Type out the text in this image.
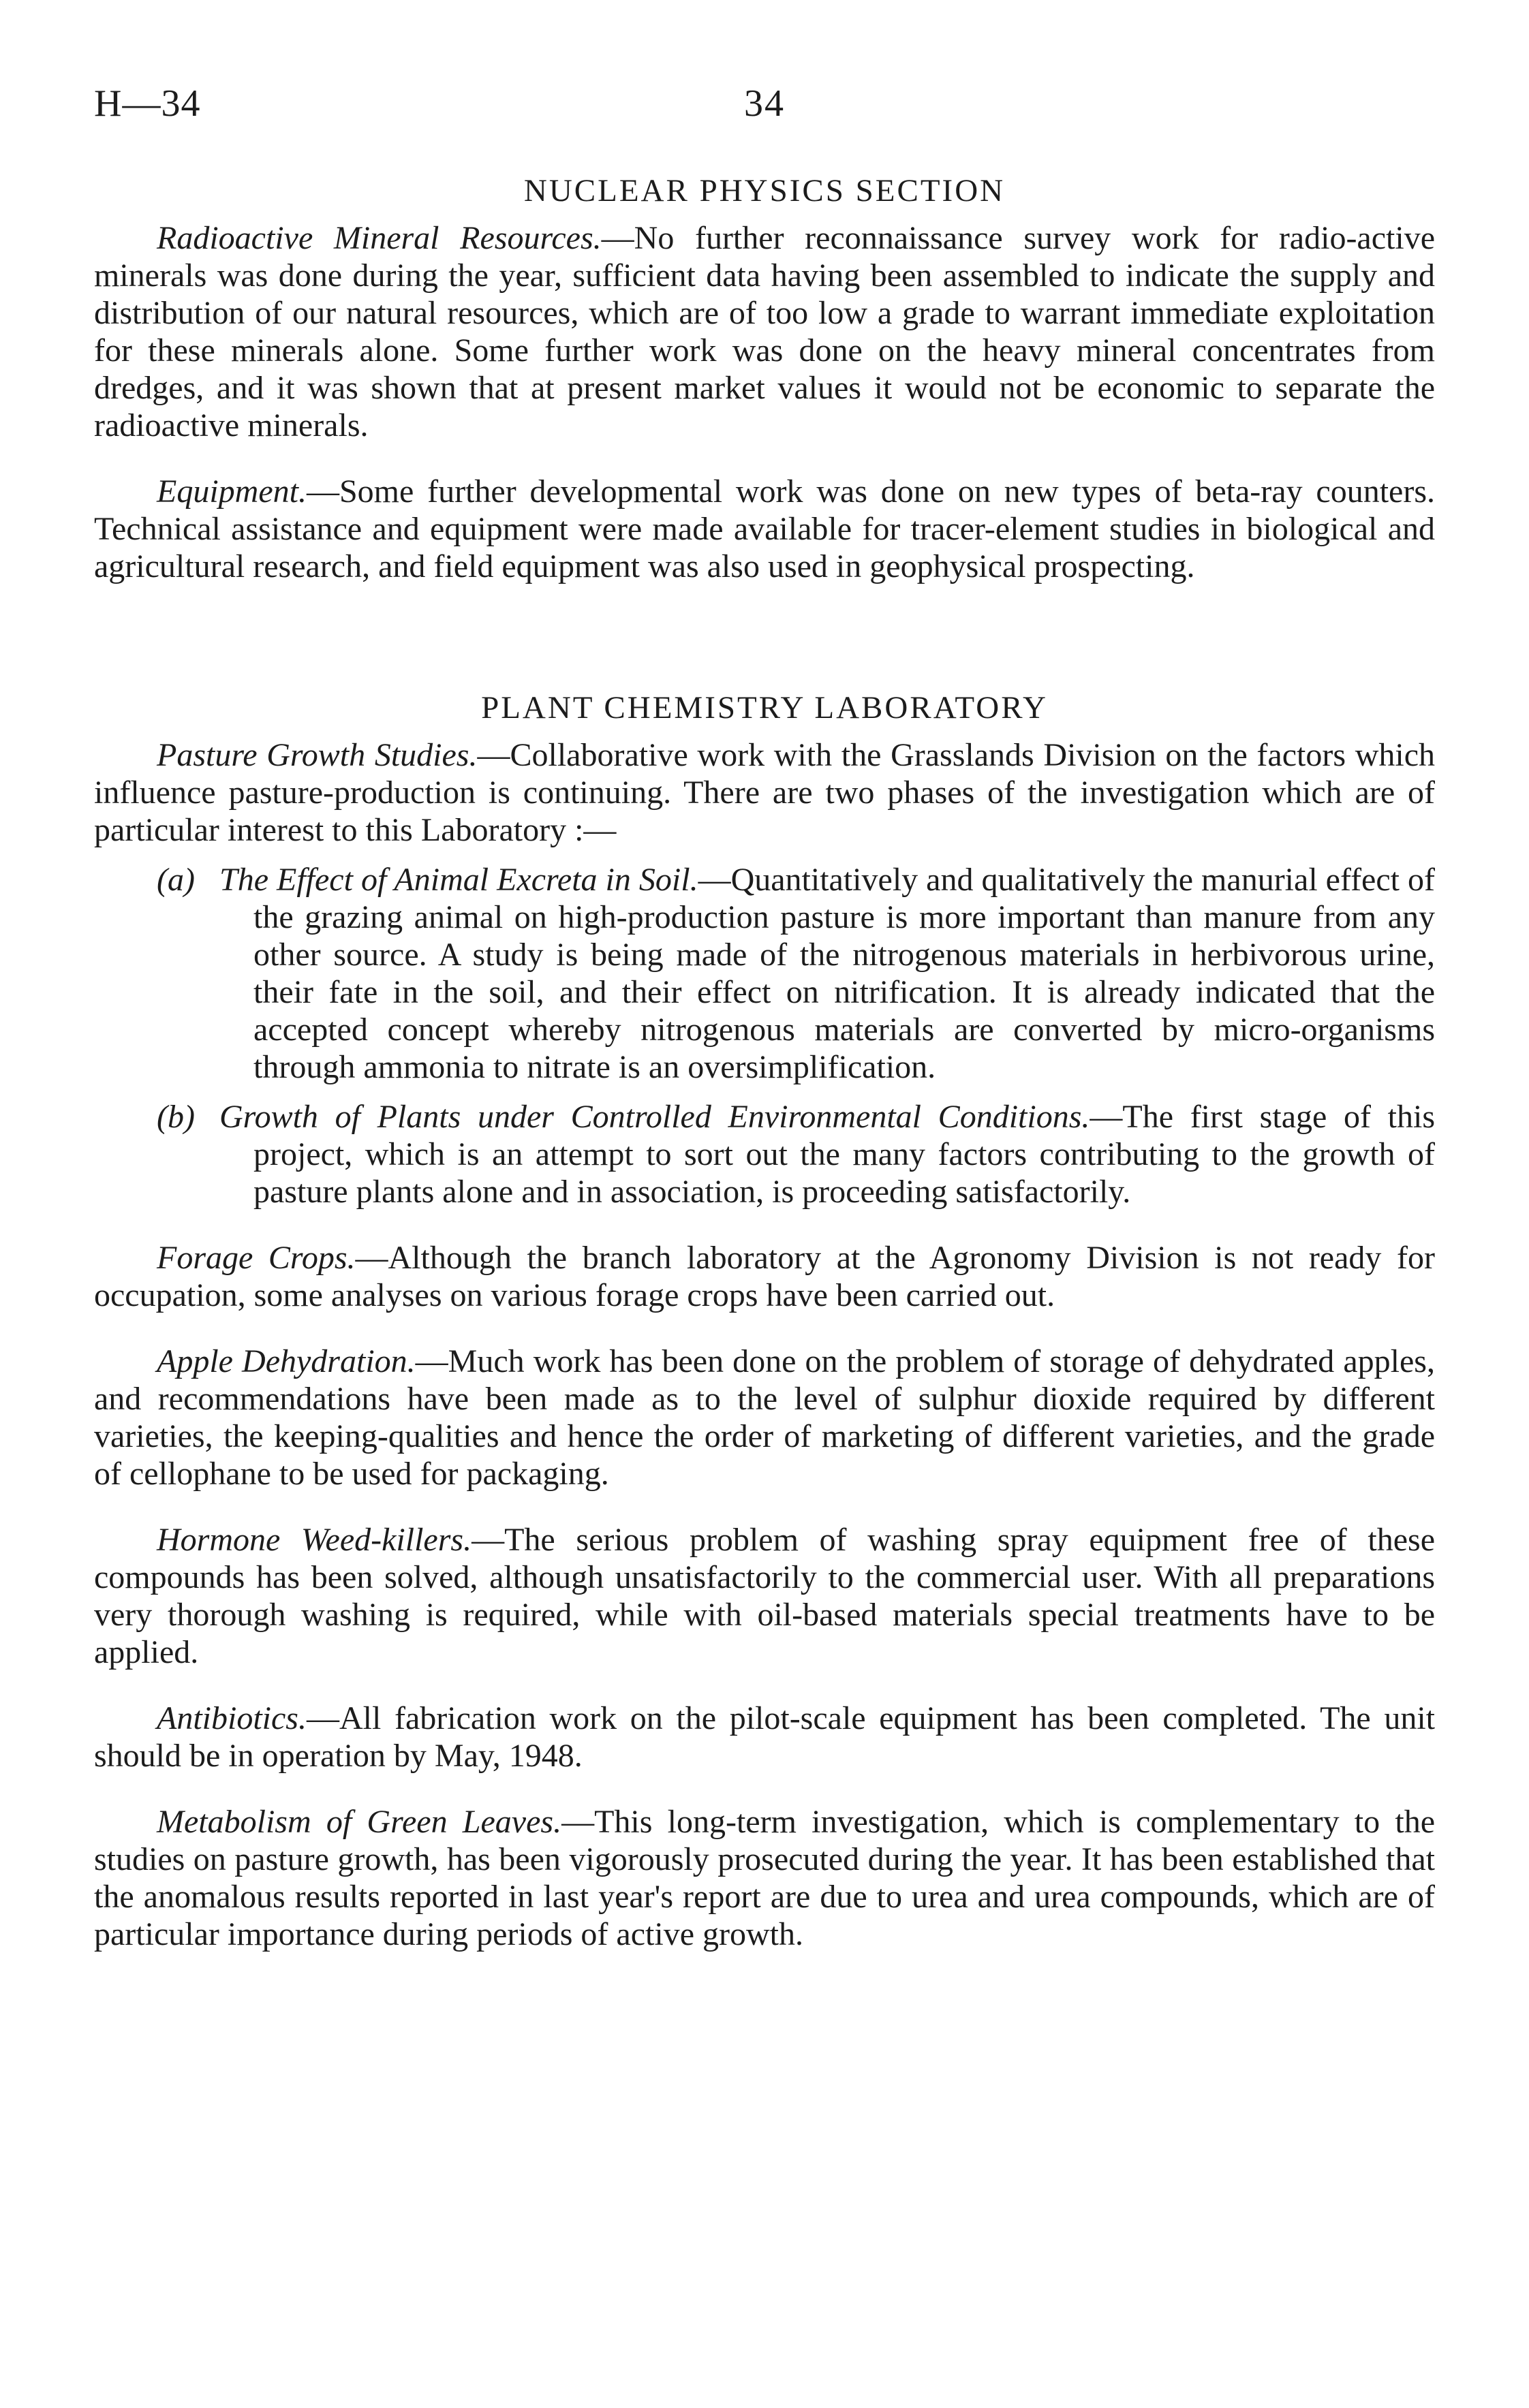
H—34	34
NUCLEAR PHYSICS SECTION

Radioactive Mineral Resources.—No further reconnaissance survey work for radio-active minerals was done during the year, sufficient data having been assembled to indicate the supply and distribution of our natural resources, which are of too low a grade to warrant immediate exploitation for these minerals alone. Some further work was done on the heavy mineral concentrates from dredges, and it was shown that at present market values it would not be economic to separate the radioactive minerals.

Equipment.—Some further developmental work was done on new types of beta-ray counters. Technical assistance and equipment were made available for tracer-element studies in biological and agricultural research, and field equipment was also used in geophysical prospecting.

PLANT CHEMISTRY LABORATORY

Pasture Growth Studies.—Collaborative work with the Grasslands Division on the factors which influence pasture-production is continuing. There are two phases of the investigation which are of particular interest to this Laboratory :—

(a) The Effect of Animal Excreta in Soil.—Quantitatively and qualitatively the manurial effect of the grazing animal on high-production pasture is more important than manure from any other source. A study is being made of the nitrogenous materials in herbivorous urine, their fate in the soil, and their effect on nitrification. It is already indicated that the accepted concept whereby nitrogenous materials are converted by micro-organisms through ammonia to nitrate is an oversimplification.
(b) Growth of Plants under Controlled Environmental Conditions.—The first stage of this project, which is an attempt to sort out the many factors contributing to the growth of pasture plants alone and in association, is proceeding satisfactorily.

Forage Crops.—Although the branch laboratory at the Agronomy Division is not ready for occupation, some analyses on various forage crops have been carried out.

Apple Dehydration.—Much work has been done on the problem of storage of dehydrated apples, and recommendations have been made as to the level of sulphur dioxide required by different varieties, the keeping-qualities and hence the order of marketing of different varieties, and the grade of cellophane to be used for packaging.

Hormone Weed-killers.—The serious problem of washing spray equipment free of these compounds has been solved, although unsatisfactorily to the commercial user. With all preparations very thorough washing is required, while with oil-based materials special treatments have to be applied.

Antibiotics.—All fabrication work on the pilot-scale equipment has been completed. The unit should be in operation by May, 1948.

Metabolism of Green Leaves.—This long-term investigation, which is complementary to the studies on pasture growth, has been vigorously prosecuted during the year. It has been established that the anomalous results reported in last year's report are due to urea and urea compounds, which are of particular importance during periods of active growth.
